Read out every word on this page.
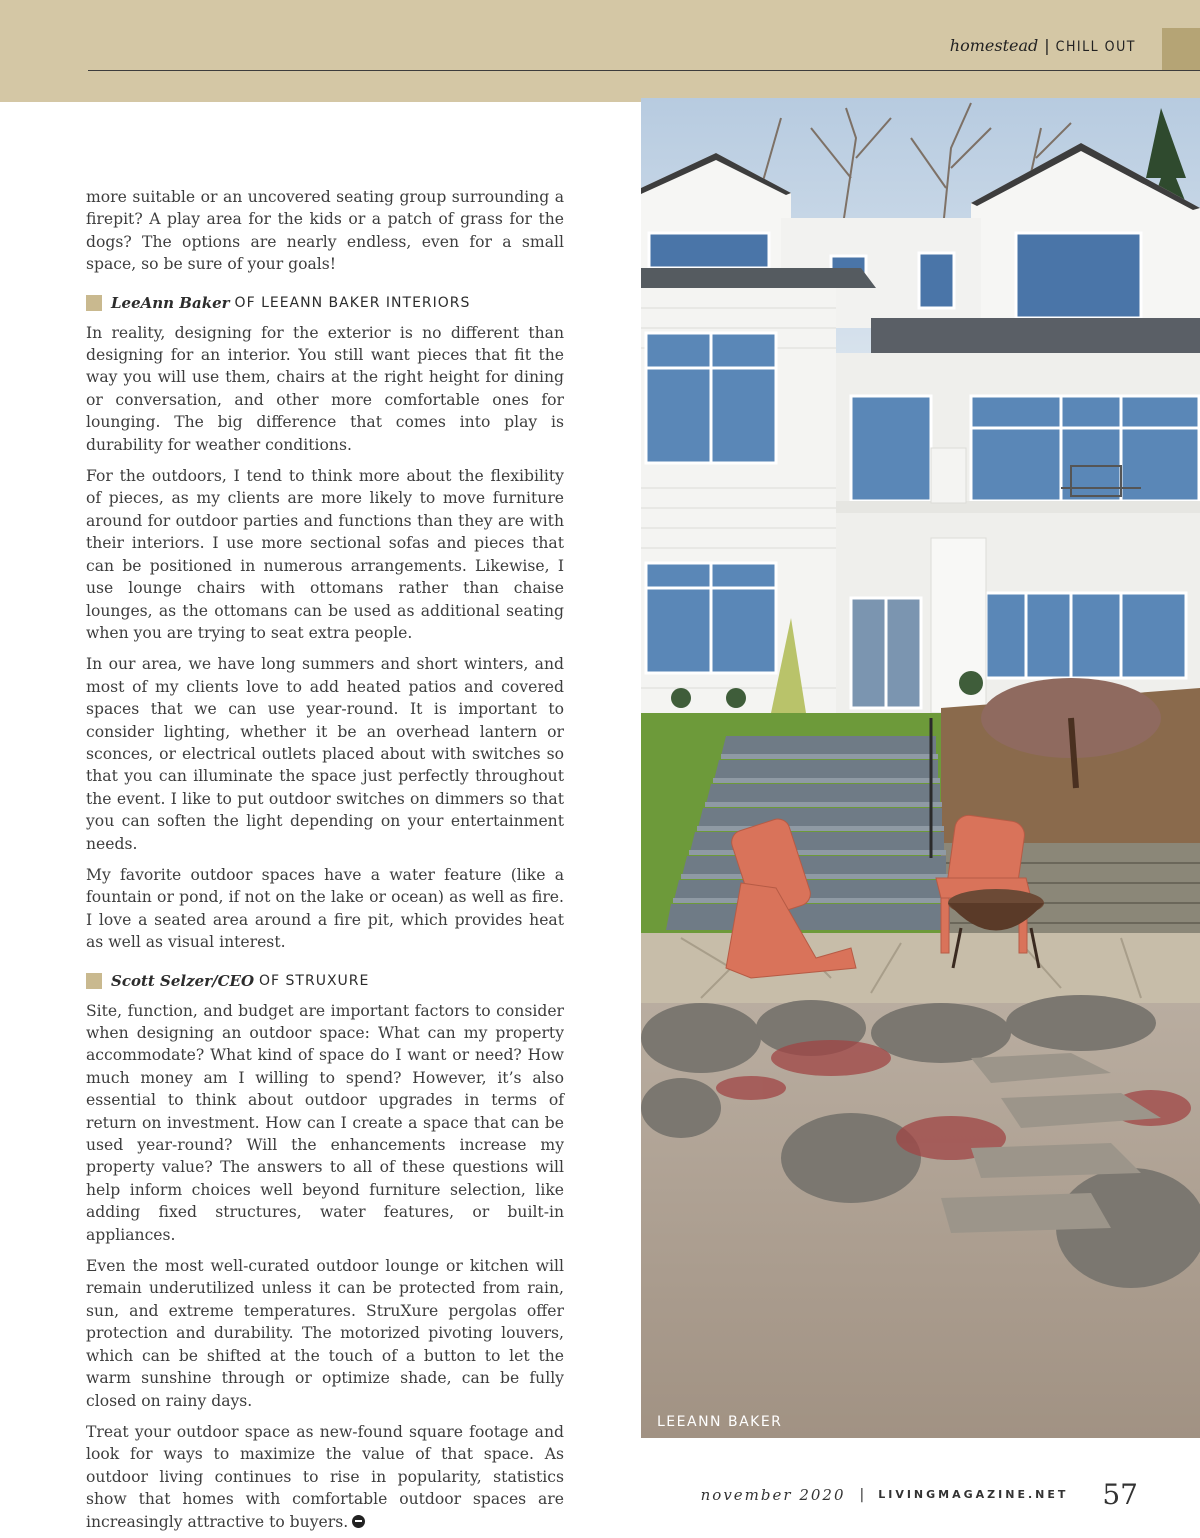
homestead | CHILL OUT

more suitable or an uncovered seating group surrounding a firepit? A play area for the kids or a patch of grass for the dogs? The options are nearly endless, even for a small space, so be sure of your goals!

LeeAnn Baker OF LEEANN BAKER INTERIORS

In reality, designing for the exterior is no different than designing for an interior. You still want pieces that fit the way you will use them, chairs at the right height for dining or conversation, and other more comfortable ones for lounging. The big difference that comes into play is durability for weather conditions.

For the outdoors, I tend to think more about the flexibility of pieces, as my clients are more likely to move furniture around for outdoor parties and functions than they are with their interiors. I use more sectional sofas and pieces that can be positioned in numerous arrangements. Likewise, I use lounge chairs with ottomans rather than chaise lounges, as the ottomans can be used as additional seating when you are trying to seat extra people.

In our area, we have long summers and short winters, and most of my clients love to add heated patios and covered spaces that we can use year-round. It is important to consider lighting, whether it be an overhead lantern or sconces, or electrical outlets placed about with switches so that you can illuminate the space just perfectly throughout the event. I like to put outdoor switches on dimmers so that you can soften the light depending on your entertainment needs.

My favorite outdoor spaces have a water feature (like a fountain or pond, if not on the lake or ocean) as well as fire. I love a seated area around a fire pit, which provides heat as well as visual interest.

Scott Selzer/CEO OF STRUXURE

Site, function, and budget are important factors to consider when designing an outdoor space: What can my property accommodate? What kind of space do I want or need? How much money am I willing to spend? However, it’s also essential to think about outdoor upgrades in terms of return on investment. How can I create a space that can be used year-round? Will the enhancements increase my property value? The answers to all of these questions will help inform choices well beyond furniture selection, like adding fixed structures, water features, or built-in appliances.

Even the most well-curated outdoor lounge or kitchen will remain underutilized unless it can be protected from rain, sun, and extreme temperatures. StruXure pergolas offer protection and durability. The motorized pivoting louvers, which can be shifted at the touch of a button to let the warm sunshine through or optimize shade, can be fully closed on rainy days.

Treat your outdoor space as new-found square footage and look for ways to maximize the value of that space. As outdoor living continues to rise in popularity, statistics show that homes with comfortable outdoor spaces are increasingly attractive to buyers.

LEEANN BAKER
november 2020 | LIVINGMAGAZINE.NET 57
